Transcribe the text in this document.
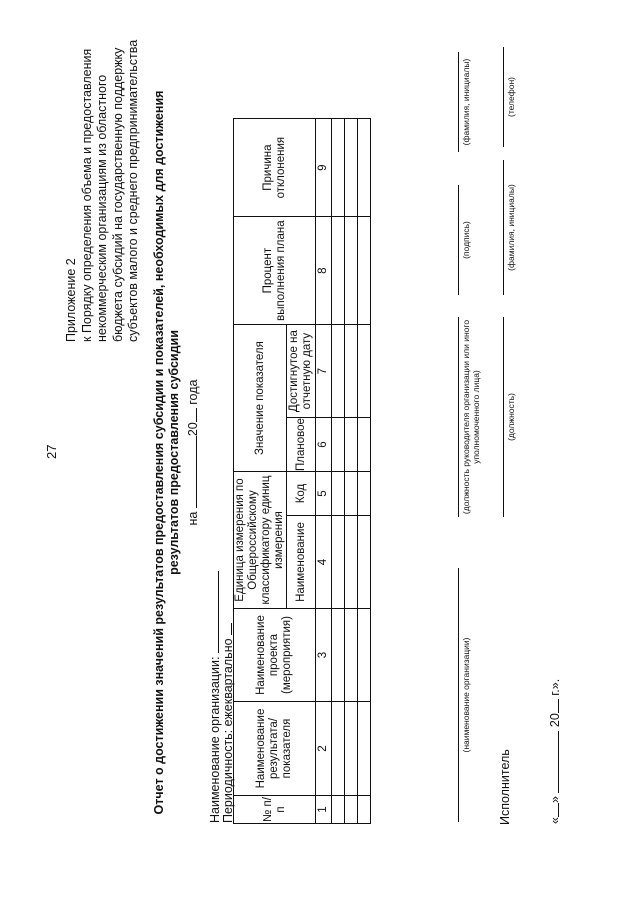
27
Приложение 2 к Порядку определения объема и предоставления некоммерческим организациям из областного бюджета субсидий на государственную поддержку субъектов малого и среднего предпринимательства Отчет о достижении значений результатов предоставления субсидии и показателей, необходимых для достижения результатов предоставления субсидии на 20 года
Наименование организации: Периодичность: ежеквартально № п/п	Наименование результата/ показателя	Наименование проекта (мероприятия)	Единица измерения по Общероссийскому классификатору единиц измерения		Значение показателя		Процент выполнения плана	Причина отклонения
			Наименование	Код	Плановое	Достигнутое на отчетную дату		
1	2	3	4	5	6	7	8	9

(наименование организации)
(должность руководителя организации или иного уполномоченного лица)
(подпись)
(фамилия, инициалы)
Исполнитель
(должность)
(фамилия, инициалы)
(телефон)
«»  20 г.».
